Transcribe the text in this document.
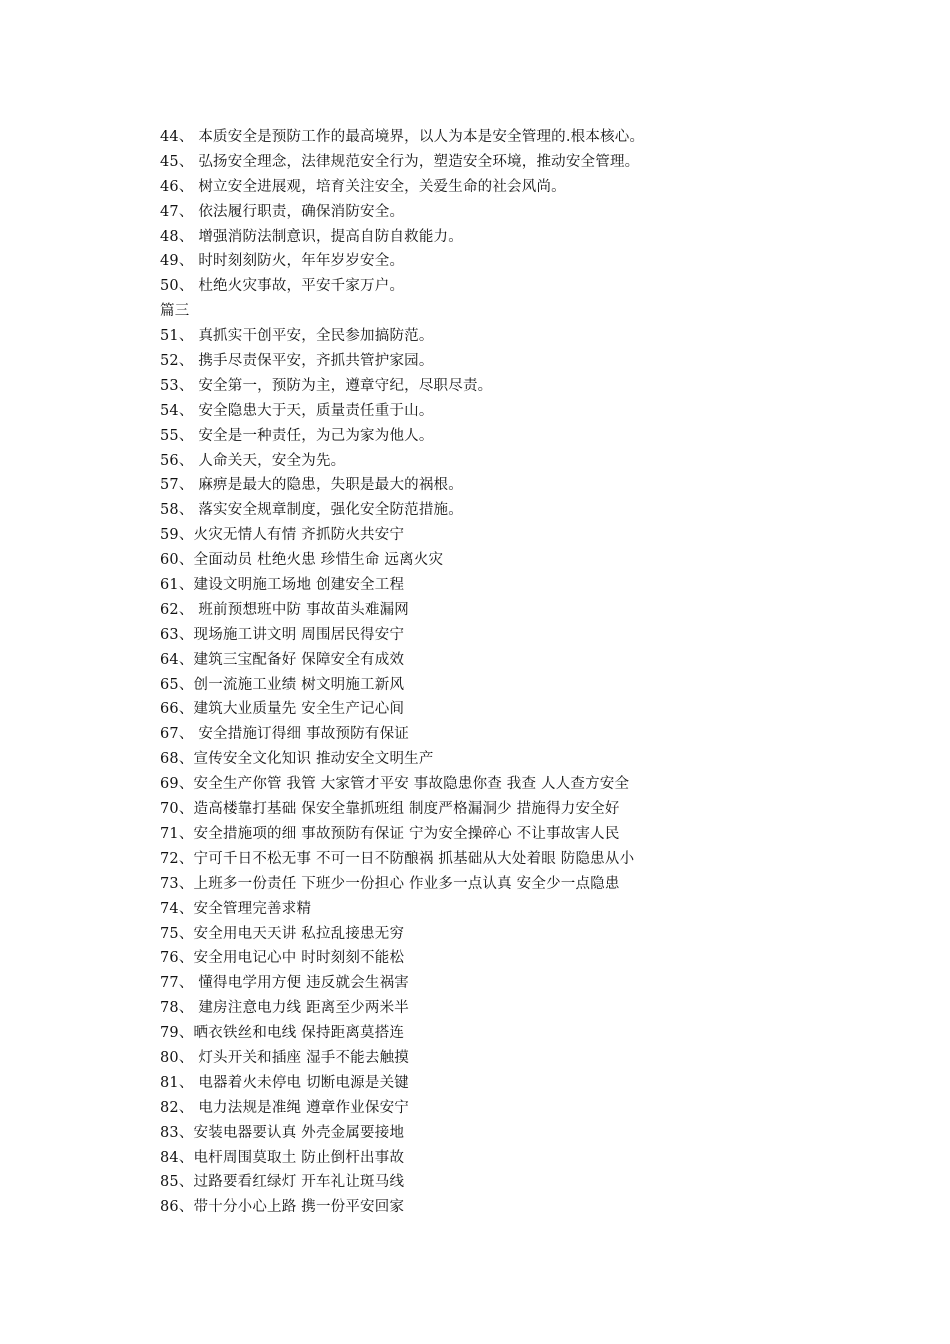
44、 本质安全是预防工作的最高境界，以人为本是安全管理的.根本核心。
45、 弘扬安全理念，法律规范安全行为，塑造安全环境，推动安全管理。
46、 树立安全进展观，培育关注安全，关爱生命的社会风尚。
47、 依法履行职责，确保消防安全。
48、 增强消防法制意识，提高自防自救能力。
49、 时时刻刻防火，年年岁岁安全。
50、 杜绝火灾事故，平安千家万户。
篇三
51、 真抓实干创平安，全民参加搞防范。
52、 携手尽责保平安，齐抓共管护家园。
53、 安全第一，预防为主，遵章守纪，尽职尽责。
54、 安全隐患大于天，质量责任重于山。
55、 安全是一种责任，为己为家为他人。
56、 人命关天，安全为先。
57、 麻痹是最大的隐患，失职是最大的祸根。
58、 落实安全规章制度，强化安全防范措施。
59、火灾无情人有情 齐抓防火共安宁
60、全面动员 杜绝火患 珍惜生命 远离火灾
61、建设文明施工场地 创建安全工程
62、 班前预想班中防 事故苗头难漏网
63、现场施工讲文明 周围居民得安宁
64、建筑三宝配备好 保障安全有成效
65、创一流施工业绩 树文明施工新风
66、建筑大业质量先 安全生产记心间
67、 安全措施订得细 事故预防有保证
68、宣传安全文化知识 推动安全文明生产
69、安全生产你管 我管 大家管才平安 事故隐患你查 我查 人人查方安全
70、造高楼靠打基础 保安全靠抓班组 制度严格漏洞少 措施得力安全好
71、安全措施项的细 事故预防有保证 宁为安全操碎心 不让事故害人民
72、宁可千日不松无事 不可一日不防酿祸 抓基础从大处着眼 防隐患从小
73、上班多一份责任 下班少一份担心 作业多一点认真 安全少一点隐患
74、安全管理完善求精
75、安全用电天天讲 私拉乱接患无穷
76、安全用电记心中 时时刻刻不能松
77、 懂得电学用方便 违反就会生祸害
78、 建房注意电力线 距离至少两米半
79、晒衣铁丝和电线 保持距离莫搭连
80、 灯头开关和插座 湿手不能去触摸
81、 电器着火未停电 切断电源是关键
82、 电力法规是准绳 遵章作业保安宁
83、安装电器要认真 外壳金属要接地
84、电杆周围莫取土 防止倒杆出事故
85、过路要看红绿灯 开车礼让斑马线
86、带十分小心上路 携一份平安回家
